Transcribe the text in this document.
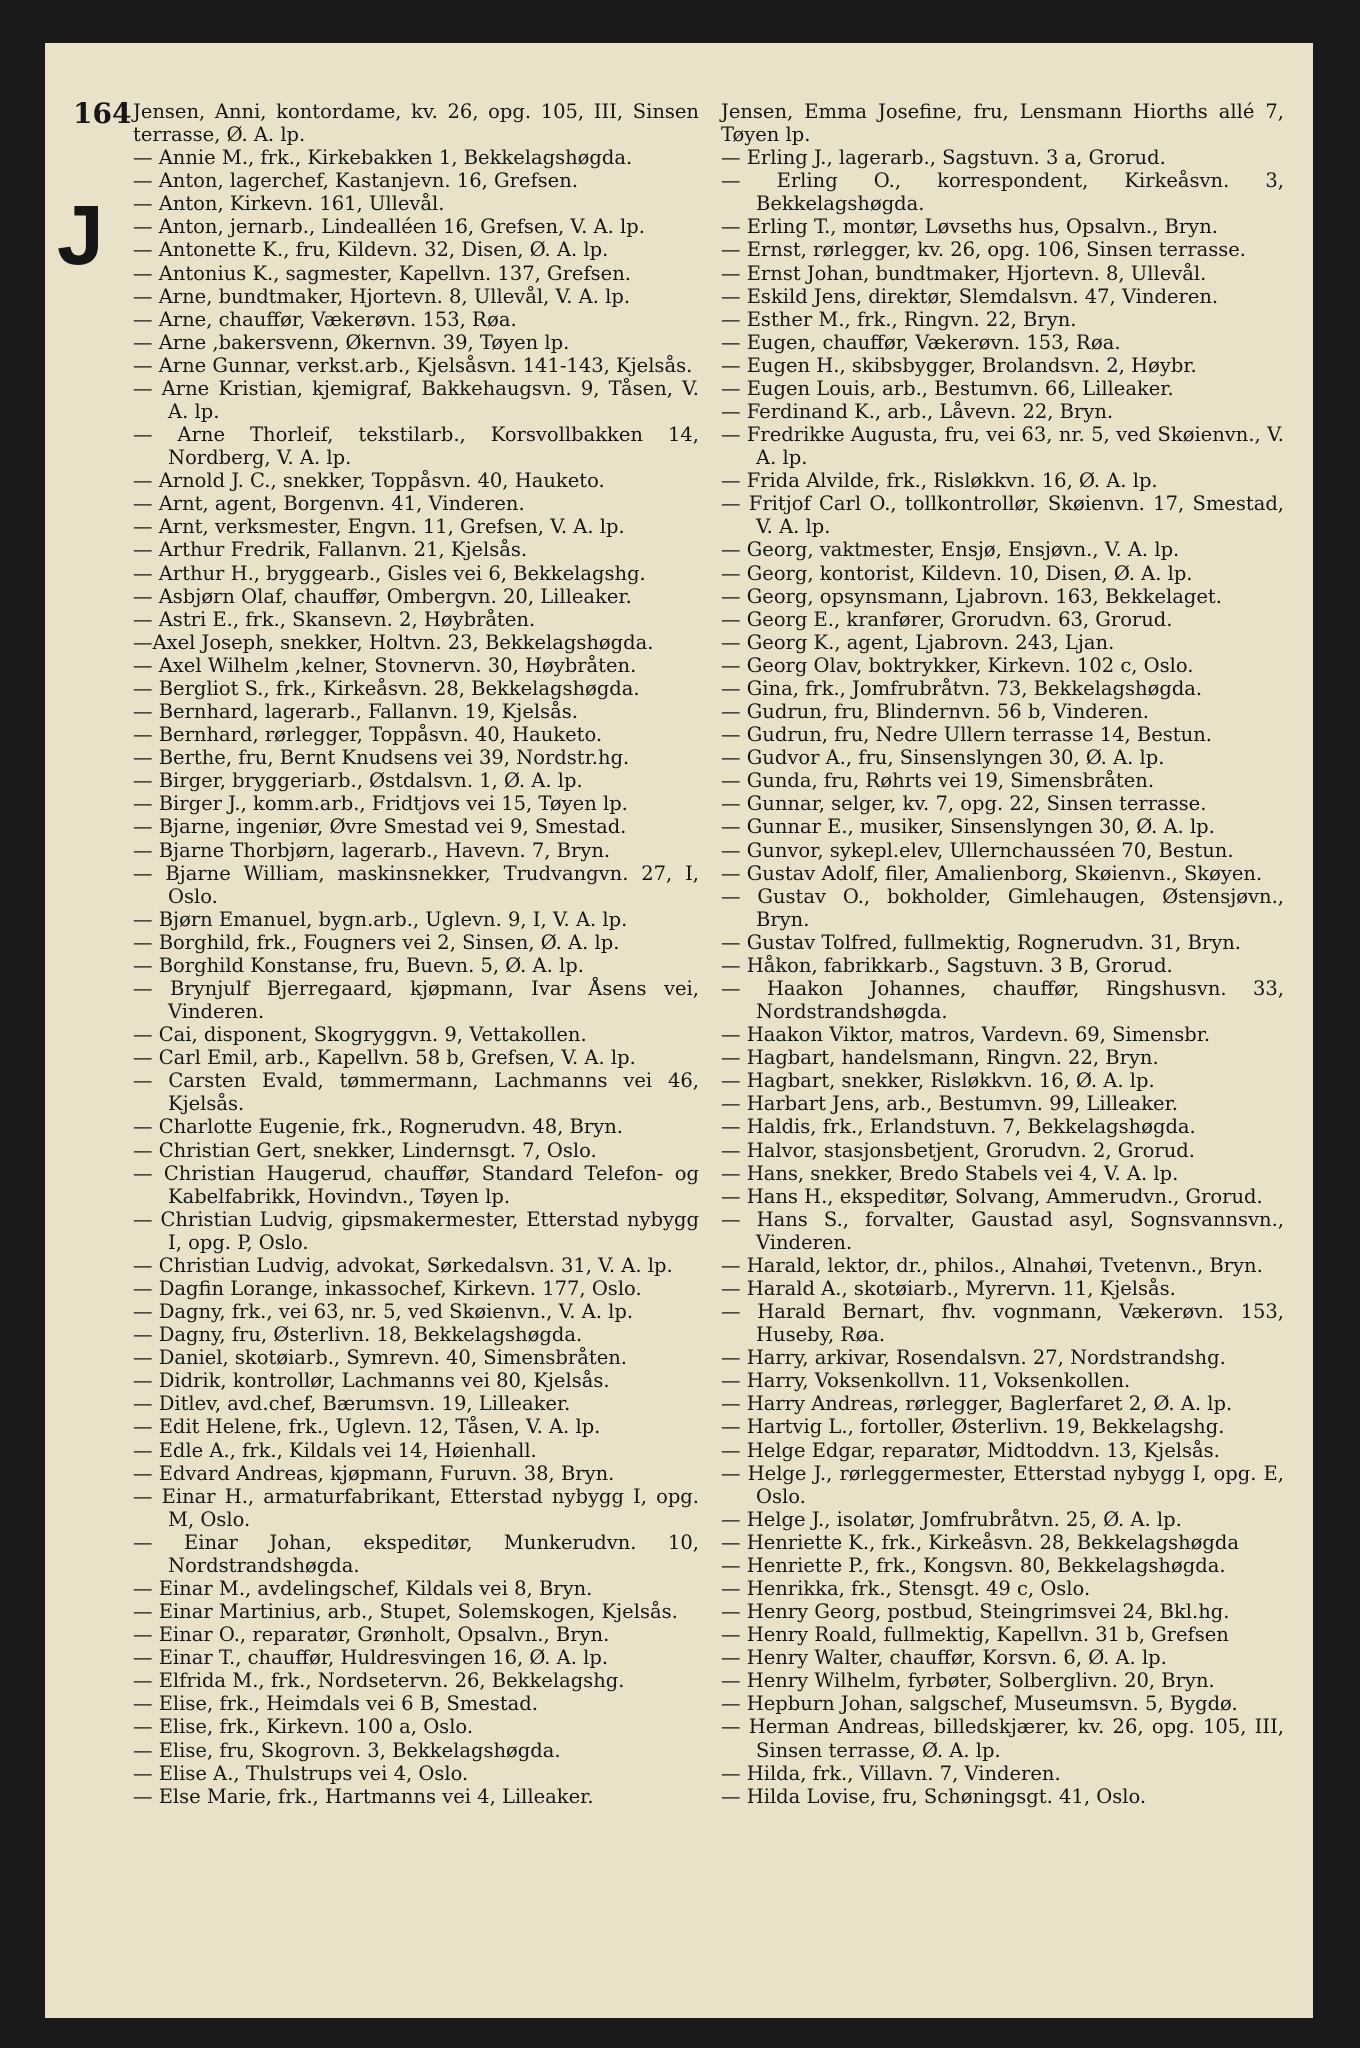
164
J
Jensen, Anni, kontordame, kv. 26, opg. 105, III, Sinsen terrasse, Ø. A. lp.
— Annie M., frk., Kirkebakken 1, Bekkelagshøgda.
— Anton, lagerchef, Kastanjevn. 16, Grefsen.
— Anton, Kirkevn. 161, Ullevål.
— Anton, jernarb., Lindealléen 16, Grefsen, V. A. lp.
— Antonette K., fru, Kildevn. 32, Disen, Ø. A. lp.
— Antonius K., sagmester, Kapellvn. 137, Grefsen.
— Arne, bundtmaker, Hjortevn. 8, Ullevål, V. A. lp.
— Arne, chauffør, Vækerøvn. 153, Røa.
— Arne ,bakersvenn, Økernvn. 39, Tøyen lp.
— Arne Gunnar, verkst.arb., Kjelsåsvn. 141-143, Kjelsås.
— Arne Kristian, kjemigraf, Bakkehaugsvn. 9, Tåsen, V. A. lp.
— Arne Thorleif, tekstilarb., Korsvollbakken 14, Nordberg, V. A. lp.
— Arnold J. C., snekker, Toppåsvn. 40, Hauketo.
— Arnt, agent, Borgenvn. 41, Vinderen.
— Arnt, verksmester, Engvn. 11, Grefsen, V. A. lp.
— Arthur Fredrik, Fallanvn. 21, Kjelsås.
— Arthur H., bryggearb., Gisles vei 6, Bekkelagshg.
— Asbjørn Olaf, chauffør, Ombergvn. 20, Lilleaker.
— Astri E., frk., Skansevn. 2, Høybråten.
—Axel Joseph, snekker, Holtvn. 23, Bekkelagshøgda.
— Axel Wilhelm ,kelner, Stovnervn. 30, Høybråten.
— Bergliot S., frk., Kirkeåsvn. 28, Bekkelagshøgda.
— Bernhard, lagerarb., Fallanvn. 19, Kjelsås.
— Bernhard, rørlegger, Toppåsvn. 40, Hauketo.
— Berthe, fru, Bernt Knudsens vei 39, Nordstr.hg.
— Birger, bryggeriarb., Østdalsvn. 1, Ø. A. lp.
— Birger J., komm.arb., Fridtjovs vei 15, Tøyen lp.
— Bjarne, ingeniør, Øvre Smestad vei 9, Smestad.
— Bjarne Thorbjørn, lagerarb., Havevn. 7, Bryn.
— Bjarne William, maskinsnekker, Trudvangvn. 27, I, Oslo.
— Bjørn Emanuel, bygn.arb., Uglevn. 9, I, V. A. lp.
— Borghild, frk., Fougners vei 2, Sinsen, Ø. A. lp.
— Borghild Konstanse, fru, Buevn. 5, Ø. A. lp.
— Brynjulf Bjerregaard, kjøpmann, Ivar Åsens vei, Vinderen.
— Cai, disponent, Skogryggvn. 9, Vettakollen.
— Carl Emil, arb., Kapellvn. 58 b, Grefsen, V. A. lp.
— Carsten Evald, tømmermann, Lachmanns vei 46, Kjelsås.
— Charlotte Eugenie, frk., Rognerudvn. 48, Bryn.
— Christian Gert, snekker, Lindernsgt. 7, Oslo.
— Christian Haugerud, chauffør, Standard Telefon- og Kabelfabrikk, Hovindvn., Tøyen lp.
— Christian Ludvig, gipsmakermester, Etterstad nybygg I, opg. P, Oslo.
— Christian Ludvig, advokat, Sørkedalsvn. 31, V. A. lp.
— Dagfin Lorange, inkassochef, Kirkevn. 177, Oslo.
— Dagny, frk., vei 63, nr. 5, ved Skøienvn., V. A. lp.
— Dagny, fru, Østerlivn. 18, Bekkelagshøgda.
— Daniel, skotøiarb., Symrevn. 40, Simensbråten.
— Didrik, kontrollør, Lachmanns vei 80, Kjelsås.
— Ditlev, avd.chef, Bærumsvn. 19, Lilleaker.
— Edit Helene, frk., Uglevn. 12, Tåsen, V. A. lp.
— Edle A., frk., Kildals vei 14, Høienhall.
— Edvard Andreas, kjøpmann, Furuvn. 38, Bryn.
— Einar H., armaturfabrikant, Etterstad nybygg I, opg. M, Oslo.
— Einar Johan, ekspeditør, Munkerudvn. 10, Nordstrandshøgda.
— Einar M., avdelingschef, Kildals vei 8, Bryn.
— Einar Martinius, arb., Stupet, Solemskogen, Kjelsås.
— Einar O., reparatør, Grønholt, Opsalvn., Bryn.
— Einar T., chauffør, Huldresvingen 16, Ø. A. lp.
— Elfrida M., frk., Nordsetervn. 26, Bekkelagshg.
— Elise, frk., Heimdals vei 6 B, Smestad.
— Elise, frk., Kirkevn. 100 a, Oslo.
— Elise, fru, Skogrovn. 3, Bekkelagshøgda.
— Elise A., Thulstrups vei 4, Oslo.
— Else Marie, frk., Hartmanns vei 4, Lilleaker.
Jensen, Emma Josefine, fru, Lensmann Hiorths allé 7, Tøyen lp.
— Erling J., lagerarb., Sagstuvn. 3 a, Grorud.
— Erling O., korrespondent, Kirkeåsvn. 3, Bekkelagshøgda.
— Erling T., montør, Løvseths hus, Opsalvn., Bryn.
— Ernst, rørlegger, kv. 26, opg. 106, Sinsen terrasse.
— Ernst Johan, bundtmaker, Hjortevn. 8, Ullevål.
— Eskild Jens, direktør, Slemdalsvn. 47, Vinderen.
— Esther M., frk., Ringvn. 22, Bryn.
— Eugen, chauffør, Vækerøvn. 153, Røa.
— Eugen H., skibsbygger, Brolandsvn. 2, Høybr.
— Eugen Louis, arb., Bestumvn. 66, Lilleaker.
— Ferdinand K., arb., Låvevn. 22, Bryn.
— Fredrikke Augusta, fru, vei 63, nr. 5, ved Skøienvn., V. A. lp.
— Frida Alvilde, frk., Risløkkvn. 16, Ø. A. lp.
— Fritjof Carl O., tollkontrollør, Skøienvn. 17, Smestad, V. A. lp.
— Georg, vaktmester, Ensjø, Ensjøvn., V. A. lp.
— Georg, kontorist, Kildevn. 10, Disen, Ø. A. lp.
— Georg, opsynsmann, Ljabrovn. 163, Bekkelaget.
— Georg E., kranfører, Grorudvn. 63, Grorud.
— Georg K., agent, Ljabrovn. 243, Ljan.
— Georg Olav, boktrykker, Kirkevn. 102 c, Oslo.
— Gina, frk., Jomfrubråtvn. 73, Bekkelagshøgda.
— Gudrun, fru, Blindernvn. 56 b, Vinderen.
— Gudrun, fru, Nedre Ullern terrasse 14, Bestun.
— Gudvor A., fru, Sinsenslyngen 30, Ø. A. lp.
— Gunda, fru, Røhrts vei 19, Simensbråten.
— Gunnar, selger, kv. 7, opg. 22, Sinsen terrasse.
— Gunnar E., musiker, Sinsenslyngen 30, Ø. A. lp.
— Gunvor, sykepl.elev, Ullernchausséen 70, Bestun.
— Gustav Adolf, filer, Amalienborg, Skøienvn., Skøyen.
— Gustav O., bokholder, Gimlehaugen, Østensjøvn., Bryn.
— Gustav Tolfred, fullmektig, Rognerudvn. 31, Bryn.
— Håkon, fabrikkarb., Sagstuvn. 3 B, Grorud.
— Haakon Johannes, chauffør, Ringshusvn. 33, Nordstrandshøgda.
— Haakon Viktor, matros, Vardevn. 69, Simensbr.
— Hagbart, handelsmann, Ringvn. 22, Bryn.
— Hagbart, snekker, Risløkkvn. 16, Ø. A. lp.
— Harbart Jens, arb., Bestumvn. 99, Lilleaker.
— Haldis, frk., Erlandstuvn. 7, Bekkelagshøgda.
— Halvor, stasjonsbetjent, Grorudvn. 2, Grorud.
— Hans, snekker, Bredo Stabels vei 4, V. A. lp.
— Hans H., ekspeditør, Solvang, Ammerudvn., Grorud.
— Hans S., forvalter, Gaustad asyl, Sognsvannsvn., Vinderen.
— Harald, lektor, dr., philos., Alnahøi, Tvetenvn., Bryn.
— Harald A., skotøiarb., Myrervn. 11, Kjelsås.
— Harald Bernart, fhv. vognmann, Vækerøvn. 153, Huseby, Røa.
— Harry, arkivar, Rosendalsvn. 27, Nordstrandshg.
— Harry, Voksenkollvn. 11, Voksenkollen.
— Harry Andreas, rørlegger, Baglerfaret 2, Ø. A. lp.
— Hartvig L., fortoller, Østerlivn. 19, Bekkelagshg.
— Helge Edgar, reparatør, Midtoddvn. 13, Kjelsås.
— Helge J., rørleggermester, Etterstad nybygg I, opg. E, Oslo.
— Helge J., isolatør, Jomfrubråtvn. 25, Ø. A. lp.
— Henriette K., frk., Kirkeåsvn. 28, Bekkelagshøgda
— Henriette P., frk., Kongsvn. 80, Bekkelagshøgda.
— Henrikka, frk., Stensgt. 49 c, Oslo.
— Henry Georg, postbud, Steingrimsvei 24, Bkl.hg.
— Henry Roald, fullmektig, Kapellvn. 31 b, Grefsen
— Henry Walter, chauffør, Korsvn. 6, Ø. A. lp.
— Henry Wilhelm, fyrbøter, Solberglivn. 20, Bryn.
— Hepburn Johan, salgschef, Museumsvn. 5, Bygdø.
— Herman Andreas, billedskjærer, kv. 26, opg. 105, III, Sinsen terrasse, Ø. A. lp.
— Hilda, frk., Villavn. 7, Vinderen.
— Hilda Lovise, fru, Schøningsgt. 41, Oslo.
